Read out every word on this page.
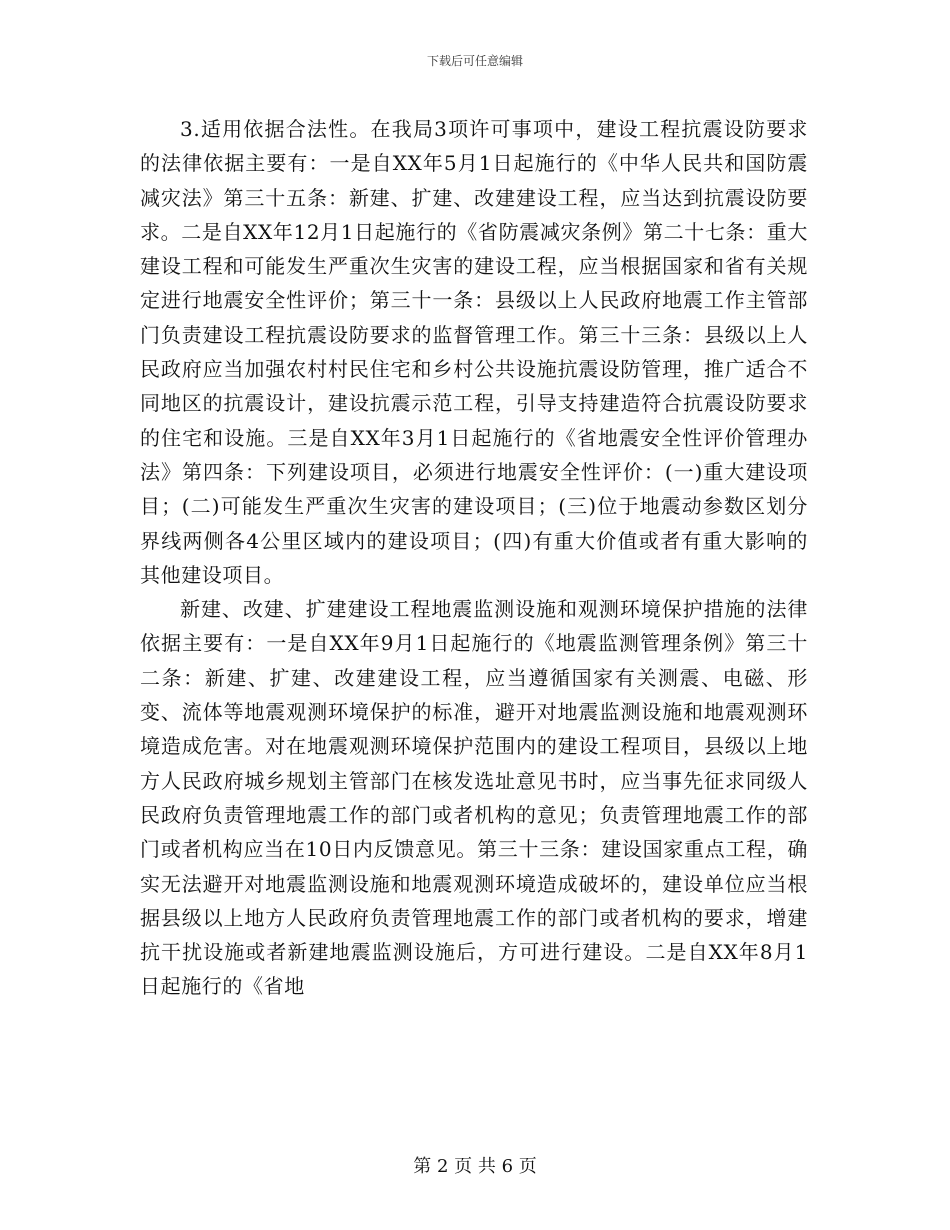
下载后可任意编辑

3.适用依据合法性。在我局3项许可事项中，建设工程抗震设防要求的法律依据主要有：一是自XX年5月1日起施行的《中华人民共和国防震减灾法》第三十五条：新建、扩建、改建建设工程，应当达到抗震设防要求。二是自XX年12月1日起施行的《省防震减灾条例》第二十七条：重大建设工程和可能发生严重次生灾害的建设工程，应当根据国家和省有关规定进行地震安全性评价；第三十一条：县级以上人民政府地震工作主管部门负责建设工程抗震设防要求的监督管理工作。第三十三条：县级以上人民政府应当加强农村村民住宅和乡村公共设施抗震设防管理，推广适合不同地区的抗震设计，建设抗震示范工程，引导支持建造符合抗震设防要求的住宅和设施。三是自XX年3月1日起施行的《省地震安全性评价管理办法》第四条：下列建设项目，必须进行地震安全性评价：(一)重大建设项目；(二)可能发生严重次生灾害的建设项目；(三)位于地震动参数区划分界线两侧各4公里区域内的建设项目；(四)有重大价值或者有重大影响的其他建设项目。

新建、改建、扩建建设工程地震监测设施和观测环境保护措施的法律依据主要有：一是自XX年9月1日起施行的《地震监测管理条例》第三十二条：新建、扩建、改建建设工程，应当遵循国家有关测震、电磁、形变、流体等地震观测环境保护的标准，避开对地震监测设施和地震观测环境造成危害。对在地震观测环境保护范围内的建设工程项目，县级以上地方人民政府城乡规划主管部门在核发选址意见书时，应当事先征求同级人民政府负责管理地震工作的部门或者机构的意见；负责管理地震工作的部门或者机构应当在10日内反馈意见。第三十三条：建设国家重点工程，确实无法避开对地震监测设施和地震观测环境造成破坏的，建设单位应当根据县级以上地方人民政府负责管理地震工作的部门或者机构的要求，增建抗干扰设施或者新建地震监测设施后，方可进行建设。二是自XX年8月1日起施行的《省地

第 2 页 共 6 页
